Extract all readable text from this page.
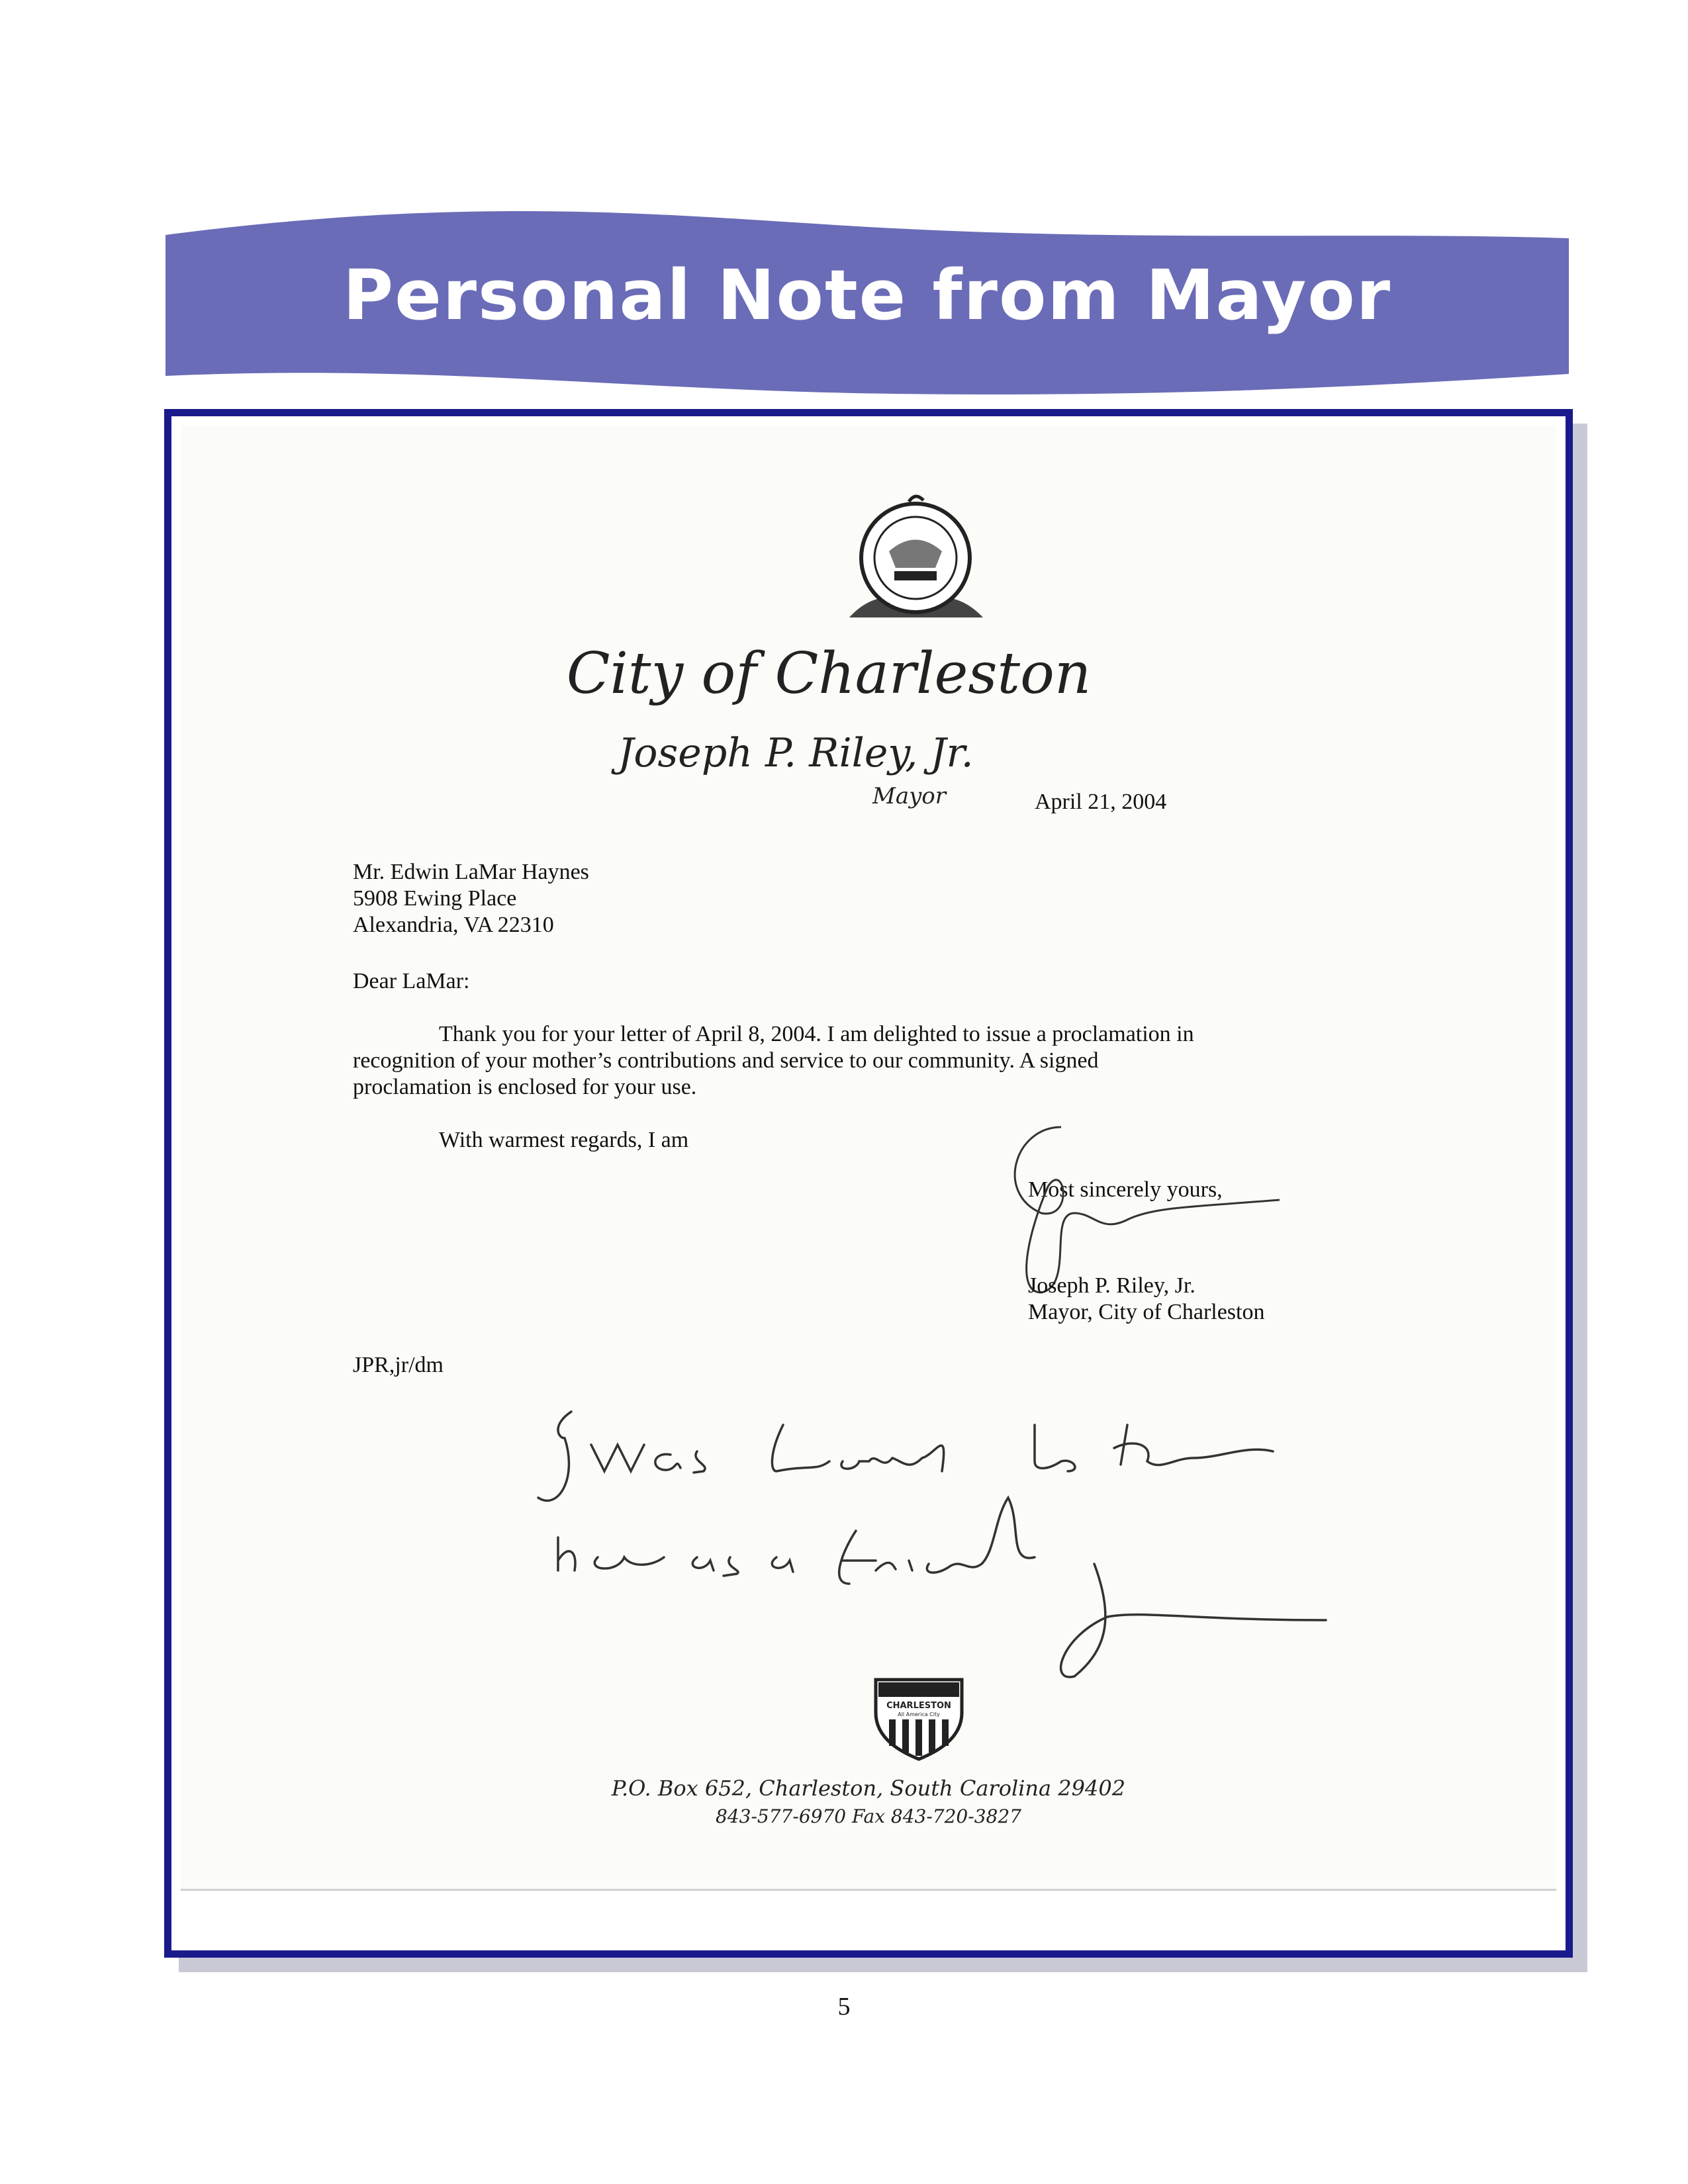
Personal Note from Mayor
City of Charleston
Joseph P. Riley, Jr.
Mayor	April 21, 2004
Mr. Edwin LaMar Haynes
5908 Ewing Place
Alexandria, VA 22310
Dear LaMar:
Thank you for your letter of April 8, 2004. I am delighted to issue a proclamation in
recognition of your mother’s contributions and service to our community. A signed
proclamation is enclosed for your use.
With warmest regards, I am
Most sincerely yours,
Joseph P. Riley, Jr.
Mayor, City of Charleston
JPR,jr/dm
CHARLESTON
All America City
P.O. Box 652, Charleston, South Carolina 29402
843-577-6970 Fax 843-720-3827
5
